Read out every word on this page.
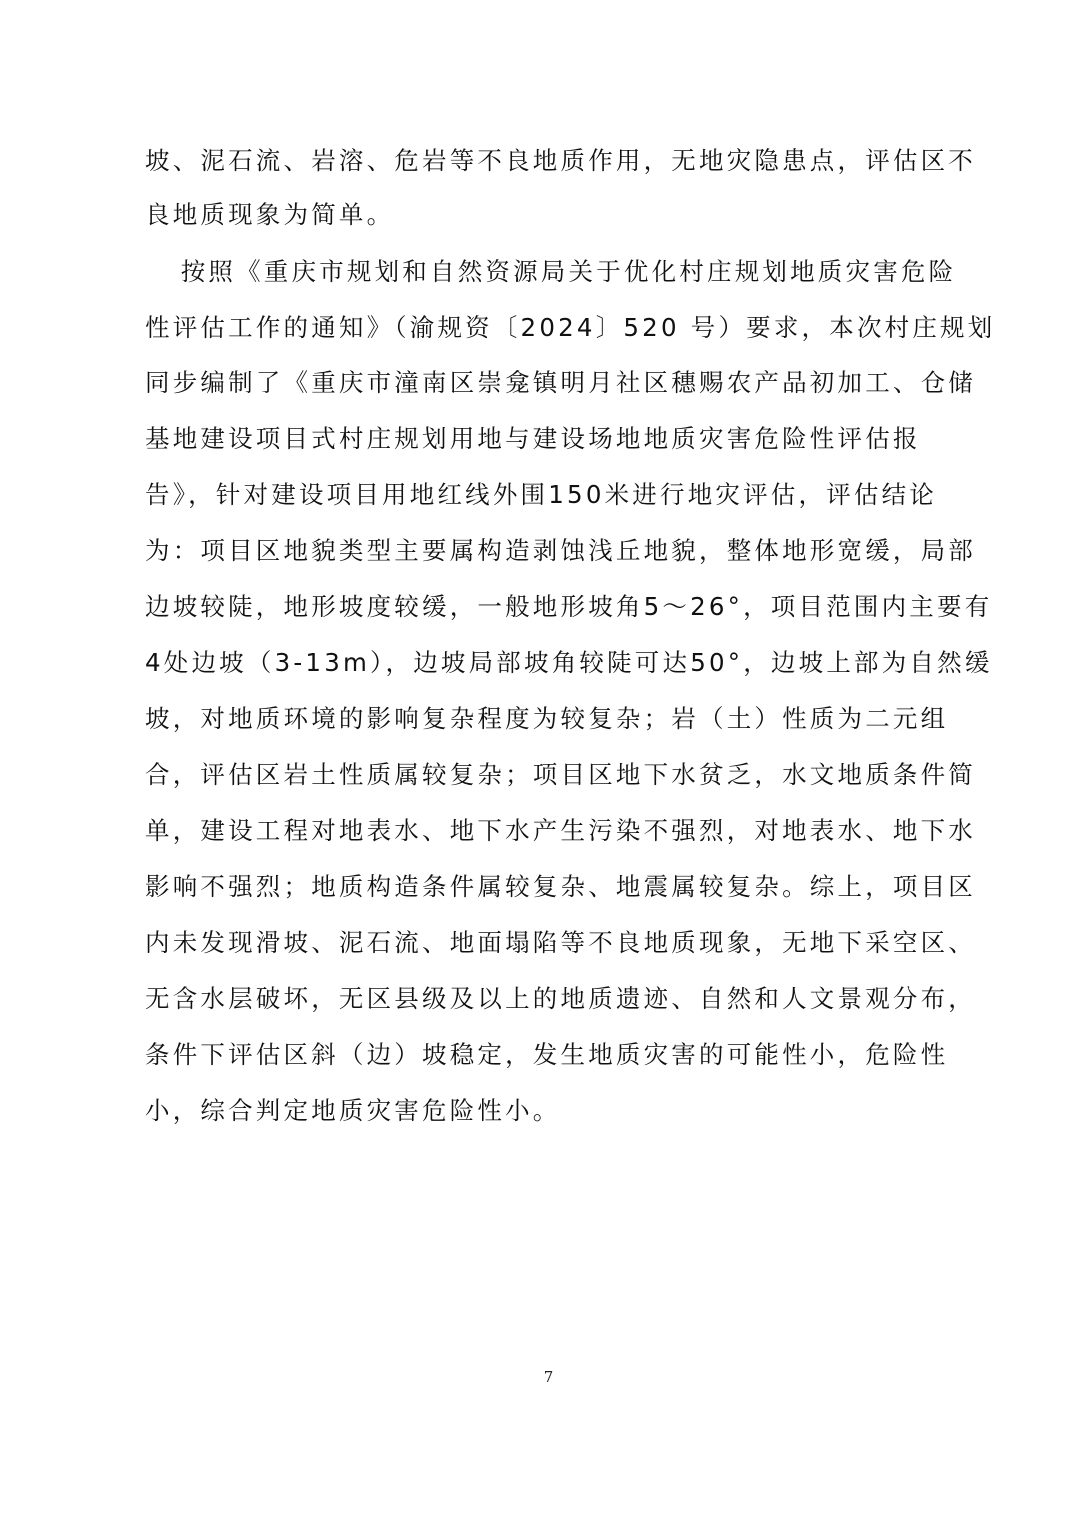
坡、泥石流、岩溶、危岩等不良地质作用，无地灾隐患点，评估区不
良地质现象为简单。
　按照《重庆市规划和自然资源局关于优化村庄规划地质灾害危险
性评估工作的通知》（渝规资〔2024〕520 号）要求，本次村庄规划
同步编制了《重庆市潼南区崇龛镇明月社区穗赐农产品初加工、仓储
基地建设项目式村庄规划用地与建设场地地质灾害危险性评估报
告》，针对建设项目用地红线外围150米进行地灾评估，评估结论
为：项目区地貌类型主要属构造剥蚀浅丘地貌，整体地形宽缓，局部
边坡较陡，地形坡度较缓，一般地形坡角5～26°，项目范围内主要有
4处边坡（3-13m），边坡局部坡角较陡可达50°，边坡上部为自然缓
坡，对地质环境的影响复杂程度为较复杂；岩（土）性质为二元组
合，评估区岩土性质属较复杂；项目区地下水贫乏，水文地质条件简
单，建设工程对地表水、地下水产生污染不强烈，对地表水、地下水
影响不强烈；地质构造条件属较复杂、地震属较复杂。综上，项目区
内未发现滑坡、泥石流、地面塌陷等不良地质现象，无地下采空区、
无含水层破坏，无区县级及以上的地质遗迹、自然和人文景观分布，
条件下评估区斜（边）坡稳定，发生地质灾害的可能性小，危险性
小，综合判定地质灾害危险性小。
7
